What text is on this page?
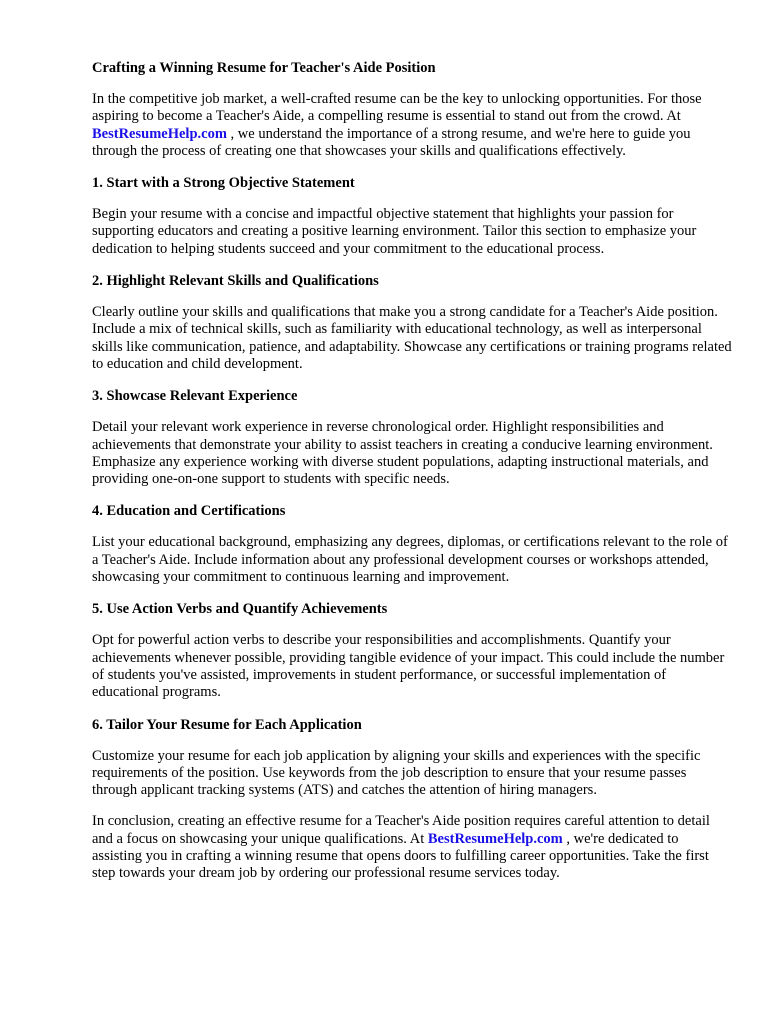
Crafting a Winning Resume for Teacher's Aide Position

In the competitive job market, a well-crafted resume can be the key to unlocking opportunities. For those aspiring to become a Teacher's Aide, a compelling resume is essential to stand out from the crowd. At BestResumeHelp.com , we understand the importance of a strong resume, and we're here to guide you through the process of creating one that showcases your skills and qualifications effectively.

1. Start with a Strong Objective Statement

Begin your resume with a concise and impactful objective statement that highlights your passion for supporting educators and creating a positive learning environment. Tailor this section to emphasize your dedication to helping students succeed and your commitment to the educational process.

2. Highlight Relevant Skills and Qualifications

Clearly outline your skills and qualifications that make you a strong candidate for a Teacher's Aide position. Include a mix of technical skills, such as familiarity with educational technology, as well as interpersonal skills like communication, patience, and adaptability. Showcase any certifications or training programs related to education and child development.

3. Showcase Relevant Experience

Detail your relevant work experience in reverse chronological order. Highlight responsibilities and achievements that demonstrate your ability to assist teachers in creating a conducive learning environment. Emphasize any experience working with diverse student populations, adapting instructional materials, and providing one-on-one support to students with specific needs.

4. Education and Certifications

List your educational background, emphasizing any degrees, diplomas, or certifications relevant to the role of a Teacher's Aide. Include information about any professional development courses or workshops attended, showcasing your commitment to continuous learning and improvement.

5. Use Action Verbs and Quantify Achievements

Opt for powerful action verbs to describe your responsibilities and accomplishments. Quantify your achievements whenever possible, providing tangible evidence of your impact. This could include the number of students you've assisted, improvements in student performance, or successful implementation of educational programs.

6. Tailor Your Resume for Each Application

Customize your resume for each job application by aligning your skills and experiences with the specific requirements of the position. Use keywords from the job description to ensure that your resume passes through applicant tracking systems (ATS) and catches the attention of hiring managers.

In conclusion, creating an effective resume for a Teacher's Aide position requires careful attention to detail and a focus on showcasing your unique qualifications. At BestResumeHelp.com , we're dedicated to assisting you in crafting a winning resume that opens doors to fulfilling career opportunities. Take the first step towards your dream job by ordering our professional resume services today.
